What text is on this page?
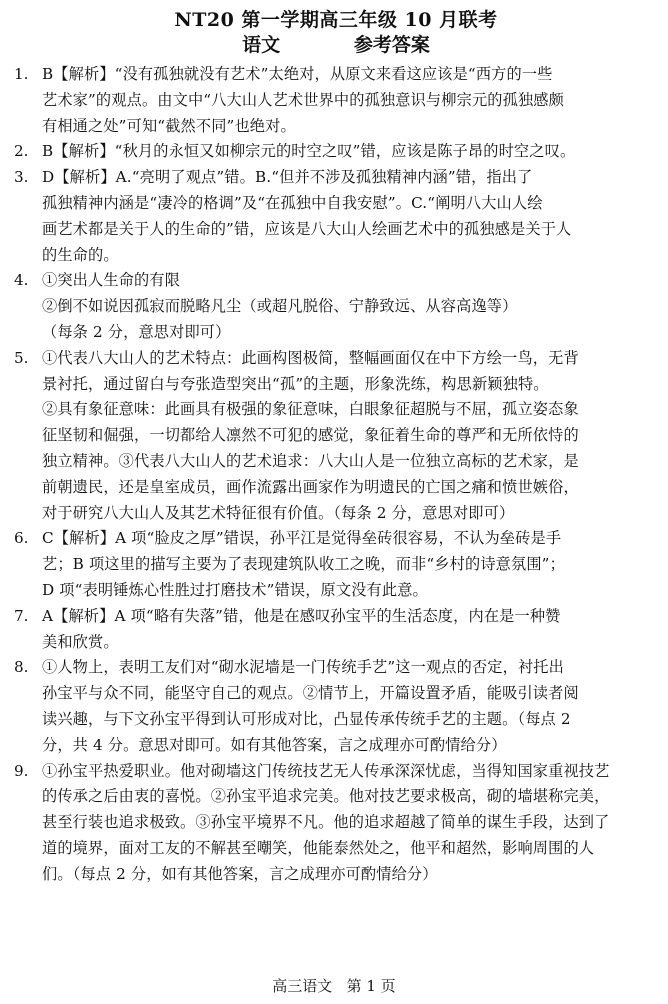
NT20 第一学期高三年级 10 月联考
语文   参考答案
1. B【解析】“没有孤独就没有艺术”太绝对，从原文来看这应该是“西方的一些
艺术家”的观点。由文中“八大山人艺术世界中的孤独意识与柳宗元的孤独感颇
有相通之处”可知“截然不同”也绝对。
2. B【解析】“秋月的永恒又如柳宗元的时空之叹”错，应该是陈子昂的时空之叹。
3. D【解析】A.“亮明了观点”错。B.“但并不涉及孤独精神内涵”错，指出了
孤独精神内涵是“凄冷的格调”及“在孤独中自我安慰”。C.“阐明八大山人绘
画艺术都是关于人的生命的”错，应该是八大山人绘画艺术中的孤独感是关于人
的生命的。
4. ①突出人生命的有限
②倒不如说因孤寂而脱略凡尘（或超凡脱俗、宁静致远、从容高逸等）
（每条 2 分，意思对即可）
5. ①代表八大山人的艺术特点：此画构图极简，整幅画面仅在中下方绘一鸟，无背
景衬托，通过留白与夸张造型突出“孤”的主题，形象洗练，构思新颖独特。
②具有象征意味：此画具有极强的象征意味，白眼象征超脱与不屈，孤立姿态象
征坚韧和倔强，一切都给人凛然不可犯的感觉，象征着生命的尊严和无所依恃的
独立精神。③代表八大山人的艺术追求：八大山人是一位独立高标的艺术家，是
前朝遗民，还是皇室成员，画作流露出画家作为明遗民的亡国之痛和愤世嫉俗，
对于研究八大山人及其艺术特征很有价值。（每条 2 分，意思对即可）
6. C【解析】A 项“脸皮之厚”错误，孙平江是觉得垒砖很容易，不认为垒砖是手
艺；B 项这里的描写主要为了表现建筑队收工之晚，而非“乡村的诗意氛围”；
D 项“表明锤炼心性胜过打磨技术”错误，原文没有此意。
7. A【解析】A 项“略有失落”错，他是在感叹孙宝平的生活态度，内在是一种赞
美和欣赏。
8. ①人物上，表明工友们对“砌水泥墙是一门传统手艺”这一观点的否定，衬托出
孙宝平与众不同，能坚守自己的观点。②情节上，开篇设置矛盾，能吸引读者阅
读兴趣，与下文孙宝平得到认可形成对比，凸显传承传统手艺的主题。（每点 2
分，共 4 分。意思对即可。如有其他答案，言之成理亦可酌情给分）
9. ①孙宝平热爱职业。他对砌墙这门传统技艺无人传承深深忧虑，当得知国家重视技艺
的传承之后由衷的喜悦。②孙宝平追求完美。他对技艺要求极高，砌的墙堪称完美，
甚至行装也追求极致。③孙宝平境界不凡。他的追求超越了简单的谋生手段，达到了
道的境界，面对工友的不解甚至嘲笑，他能泰然处之，他平和超然，影响周围的人
们。（每点 2 分，如有其他答案，言之成理亦可酌情给分）
高三语文   第 1 页
